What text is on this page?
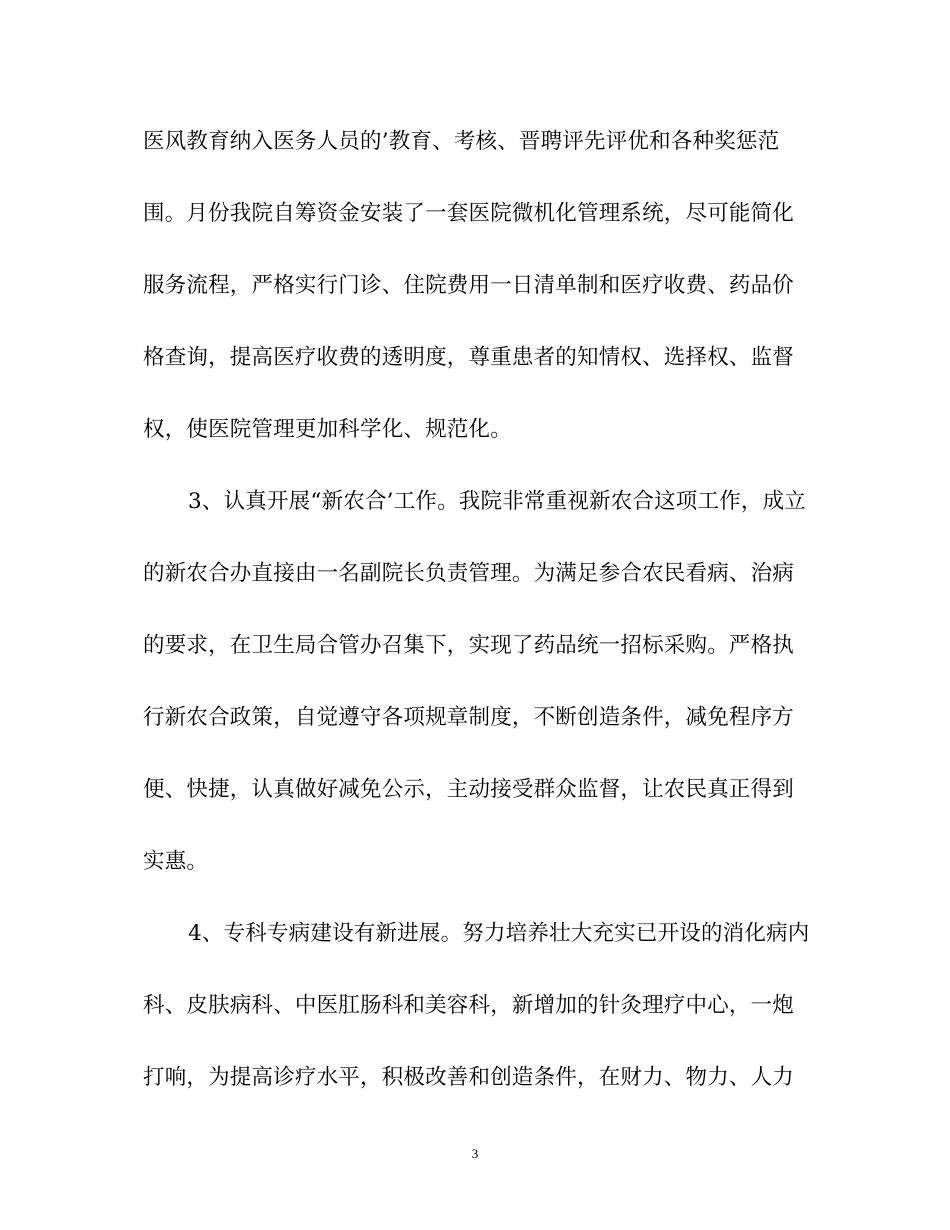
医风教育纳入医务人员的’教育、考核、晋聘评先评优和各种奖惩范
围。月份我院自筹资金安装了一套医院微机化管理系统，尽可能简化
服务流程，严格实行门诊、住院费用一日清单制和医疗收费、药品价
格查询，提高医疗收费的透明度，尊重患者的知情权、选择权、监督
权，使医院管理更加科学化、规范化。
3、认真开展“新农合’工作。我院非常重视新农合这项工作，成立
的新农合办直接由一名副院长负责管理。为满足参合农民看病、治病
的要求，在卫生局合管办召集下，实现了药品统一招标采购。严格执
行新农合政策，自觉遵守各项规章制度，不断创造条件，减免程序方
便、快捷，认真做好减免公示，主动接受群众监督，让农民真正得到
实惠。
4、专科专病建设有新进展。努力培养壮大充实已开设的消化病内
科、皮肤病科、中医肛肠科和美容科，新增加的针灸理疗中心，一炮
打响，为提高诊疗水平，积极改善和创造条件，在财力、物力、人力
3
